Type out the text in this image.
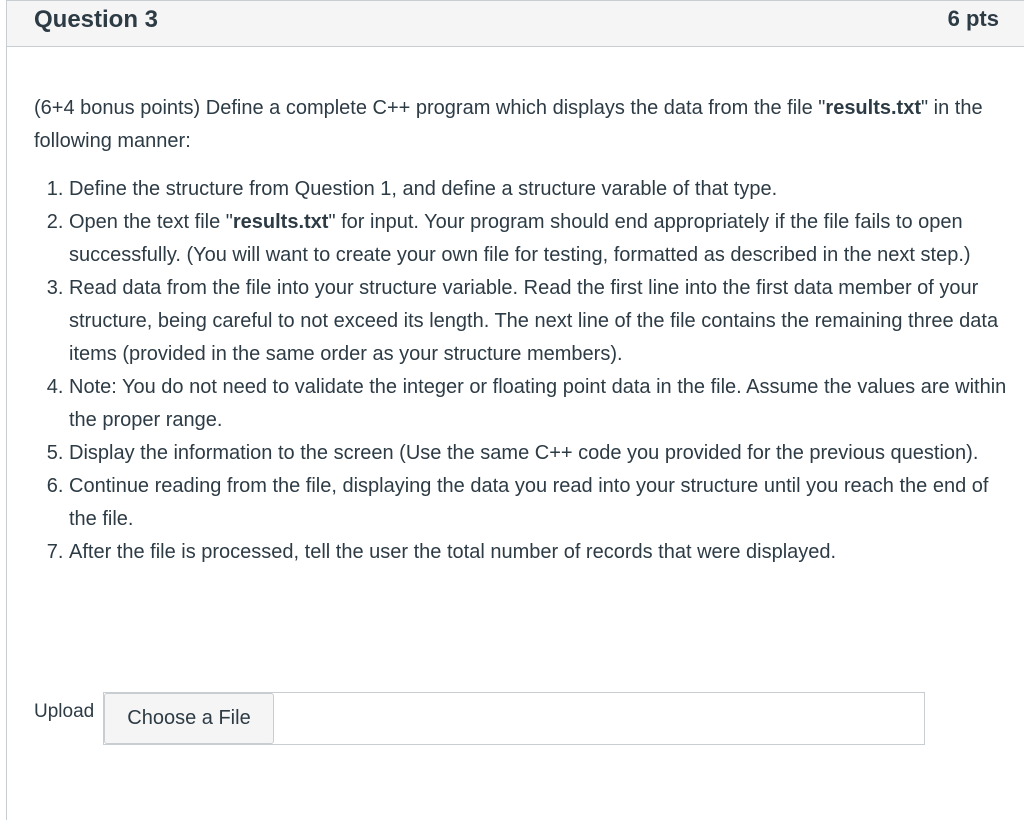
Question 3	6 pts

(6+4 bonus points) Define a complete C++ program which displays the data from the file "results.txt" in the following manner:

1. Define the structure from Question 1, and define a structure varable of that type.
2. Open the text file "results.txt" for input. Your program should end appropriately if the file fails to open successfully. (You will want to create your own file for testing, formatted as described in the next step.)
3. Read data from the file into your structure variable. Read the first line into the first data member of your structure, being careful to not exceed its length. The next line of the file contains the remaining three data items (provided in the same order as your structure members).
4. Note: You do not need to validate the integer or floating point data in the file. Assume the values are within the proper range.
5. Display the information to the screen (Use the same C++ code you provided for the previous question).
6. Continue reading from the file, displaying the data you read into your structure until you reach the end of the file.
7. After the file is processed, tell the user the total number of records that were displayed.
Upload	Choose a File
